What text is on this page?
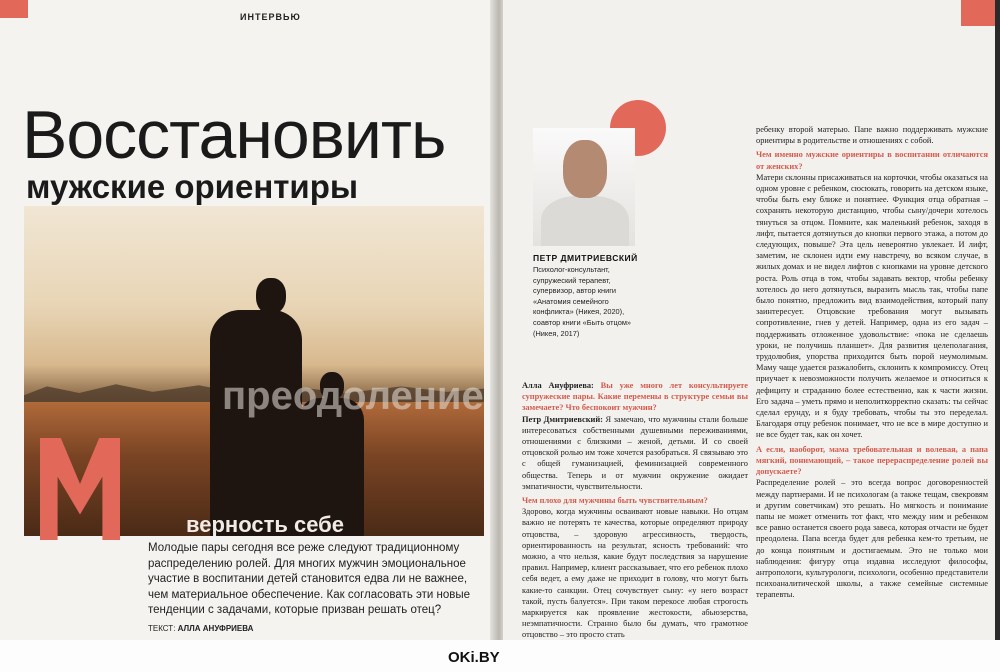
ИНТЕРВЬЮ
Восстановить
мужские ориентиры
преодоление
верность себе
Молодые пары сегодня все реже следуют традиционному распределению ролей. Для многих мужчин эмоциональное участие в воспитании детей становится едва ли не важнее, чем материальное обеспечение. Как согласовать эти новые тенденции с задачами, которые призван решать отец?
ТЕКСТ: АЛЛА АНУФРИЕВА
ПЕТР ДМИТРИЕВСКИЙ
Психолог-консультант, супружеский терапевт, супервизор, автор книги «Анатомия семейного конфликта» (Никея, 2020), соавтор книги «Быть отцом» (Никея, 2017)

Алла Ануфриева: Вы уже много лет консультируете супружеские пары. Какие перемены в структуре семьи вы замечаете? Что беспокоит мужчин?

Петр Дмитриевский: Я замечаю, что мужчины стали больше интересоваться собственными душевными переживаниями, отношениями с близкими – женой, детьми. И со своей отцовской ролью им тоже хочется разобраться. Я связываю это с общей гуманизацией, феминизацией современного общества. Теперь и от мужчин окружение ожидает эмпатичности, чувствительности.

Чем плохо для мужчины быть чувствительным?

Здорово, когда мужчины осваивают новые навыки. Но отцам важно не потерять те качества, которые определяют природу отцовства, – здоровую агрессивность, твердость, ориентированность на результат, ясность требований: что можно, а что нельзя, какие будут последствия за нарушение правил. Например, клиент рассказывает, что его ребенок плохо себя ведет, а ему даже не приходит в голову, что могут быть какие-то санкции. Отец сочувствует сыну: «у него возраст такой, пусть балуется». При таком перекосе любая строгость маркируется как проявление жестокости, абьюзерства, неэмпатичности. Странно было бы думать, что грамотное отцовство – это просто стать

ребенку второй матерью. Папе важно поддерживать мужские ориентиры в родительстве и отношениях с собой.

Чем именно мужские ориентиры в воспитании отличаются от женских?

Матери склонны присаживаться на корточки, чтобы оказаться на одном уровне с ребенком, сюсюкать, говорить на детском языке, чтобы быть ему ближе и понятнее. Функция отца обратная – сохранять некоторую дистанцию, чтобы сыну/дочери хотелось тянуться за отцом. Помните, как маленький ребенок, заходя в лифт, пытается дотянуться до кнопки первого этажа, а потом до следующих, повыше? Эта цель невероятно увлекает. И лифт, заметим, не склонен идти ему навстречу, во всяком случае, в жилых домах и не видел лифтов с кнопками на уровне детского роста. Роль отца в том, чтобы задавать вектор, чтобы ребенку хотелось до него дотянуться, выразить мысль так, чтобы папе было понятно, предложить вид взаимодействия, который папу заинтересует. Отцовские требования могут вызывать сопротивление, гнев у детей. Например, одна из его задач – поддерживать отложенное удовольствие: «пока не сделаешь уроки, не получишь планшет». Для развития целеполагания, трудолюбия, упорства приходится быть порой неумолимым. Маму чаще удается разжалобить, склонить к компромиссу. Отец приучает к невозможности получить желаемое и относиться к дефициту и страданию более естественно, как к части жизни. Его задача – уметь прямо и неполиткорректно сказать: ты сейчас сделал ерунду, и я буду требовать, чтобы ты это переделал. Благодаря отцу ребенок понимает, что не все в мире доступно и не все будет так, как он хочет.

А если, наоборот, мама требовательная и волевая, а папа мягкий, понимающий, – такое перераспределение ролей вы допускаете?

Распределение ролей – это всегда вопрос договоренностей между партнерами. И не психологам (а также тещам, свекровям и другим советчикам) это решать. Но мягкость и понимание папы не может отменить тот факт, что между ним и ребенком все равно останется своего рода завеса, которая отчасти не будет преодолена. Папа всегда будет для ребенка кем-то третьим, не до конца понятным и достигаемым. Это не только мои наблюдения: фигуру отца издавна исследуют философы, антропологи, культурологи, психологи, особенно представители психоаналитической школы, а также семейные системные терапевты.

OKi.BY
